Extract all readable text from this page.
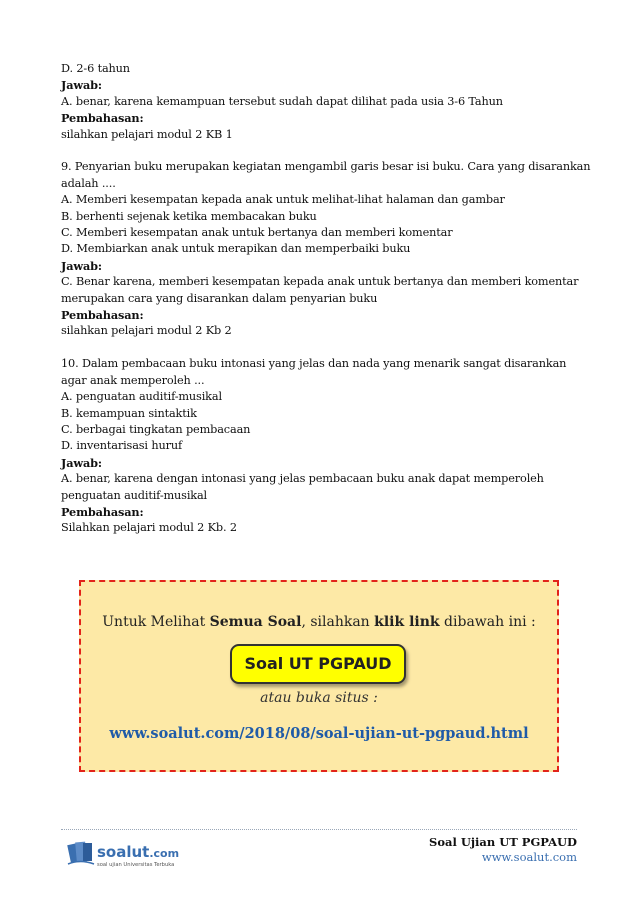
D. 2-6 tahun
Jawab:
A. benar, karena kemampuan tersebut sudah dapat dilihat pada usia 3-6 Tahun
Pembahasan:
silahkan pelajari modul 2 KB 1
9. Penyarian buku merupakan kegiatan mengambil garis besar isi buku. Cara yang disarankan
adalah ....
A. Memberi kesempatan kepada anak untuk melihat-lihat halaman dan gambar
B. berhenti sejenak ketika membacakan buku
C. Memberi kesempatan anak untuk bertanya dan memberi komentar
D. Membiarkan anak untuk merapikan dan memperbaiki buku
Jawab:
C. Benar karena, memberi kesempatan kepada anak untuk bertanya dan memberi komentar
merupakan cara yang disarankan dalam penyarian buku
Pembahasan:
silahkan pelajari modul 2 Kb 2
10. Dalam pembacaan buku intonasi yang jelas dan nada yang menarik sangat disarankan
agar anak memperoleh ...
A. penguatan auditif-musikal
B. kemampuan sintaktik
C. berbagai tingkatan pembacaan
D. inventarisasi huruf
Jawab:
A. benar, karena dengan intonasi yang jelas pembacaan buku anak dapat memperoleh
penguatan auditif-musikal
Pembahasan:
Silahkan pelajari modul 2 Kb. 2
Untuk Melihat Semua Soal, silahkan klik link dibawah ini :
Soal UT PGPAUD
atau buka situs :
www.soalut.com/2018/08/soal-ujian-ut-pgpaud.html
soalut.com
soal ujian Universitas Terbuka
Soal Ujian UT PGPAUD
www.soalut.com
